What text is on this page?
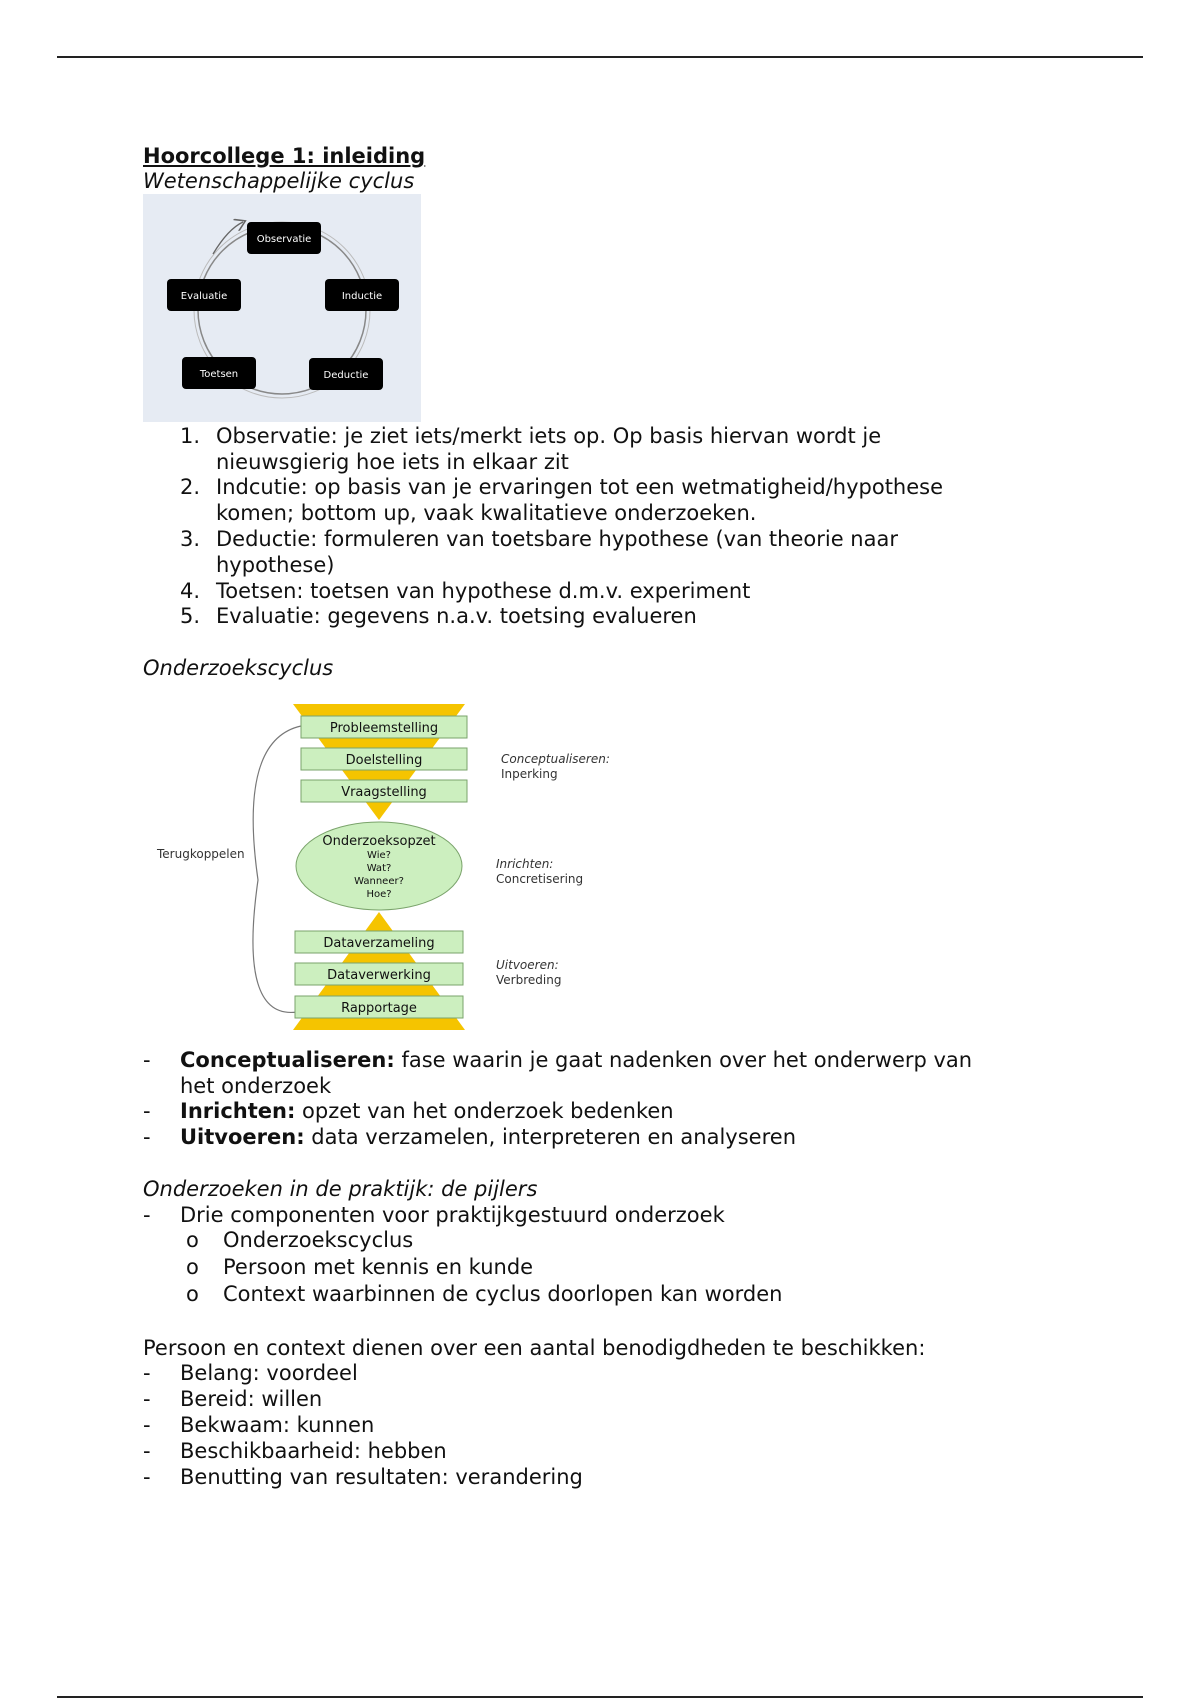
Hoorcollege 1: inleiding
Wetenschappelijke cyclus
Observatie
Inductie
Deductie
Toetsen
Evaluatie
1. Observatie: je ziet iets/merkt iets op. Op basis hiervan wordt je
nieuwsgierig hoe iets in elkaar zit
2. Indcutie: op basis van je ervaringen tot een wetmatigheid/hypothese
komen; bottom up, vaak kwalitatieve onderzoeken.
3. Deductie: formuleren van toetsbare hypothese (van theorie naar
hypothese)
4. Toetsen: toetsen van hypothese d.m.v. experiment
5. Evaluatie: gegevens n.a.v. toetsing evalueren
Onderzoekscyclus
Terugkoppelen
Probleemstelling
Doelstelling
Vraagstelling
Onderzoeksopzet
Wie?
Wat?
Wanneer?
Hoe?
Dataverzameling
Dataverwerking
Rapportage
Conceptualiseren:
Inperking
Inrichten:
Concretisering
Uitvoeren:
Verbreding
- Conceptualiseren: fase waarin je gaat nadenken over het onderwerp van
het onderzoek
- Inrichten: opzet van het onderzoek bedenken
- Uitvoeren: data verzamelen, interpreteren en analyseren
Onderzoeken in de praktijk: de pijlers
- Drie componenten voor praktijkgestuurd onderzoek
o Onderzoekscyclus
o Persoon met kennis en kunde
o Context waarbinnen de cyclus doorlopen kan worden
Persoon en context dienen over een aantal benodigdheden te beschikken:
- Belang: voordeel
- Bereid: willen
- Bekwaam: kunnen
- Beschikbaarheid: hebben
- Benutting van resultaten: verandering
